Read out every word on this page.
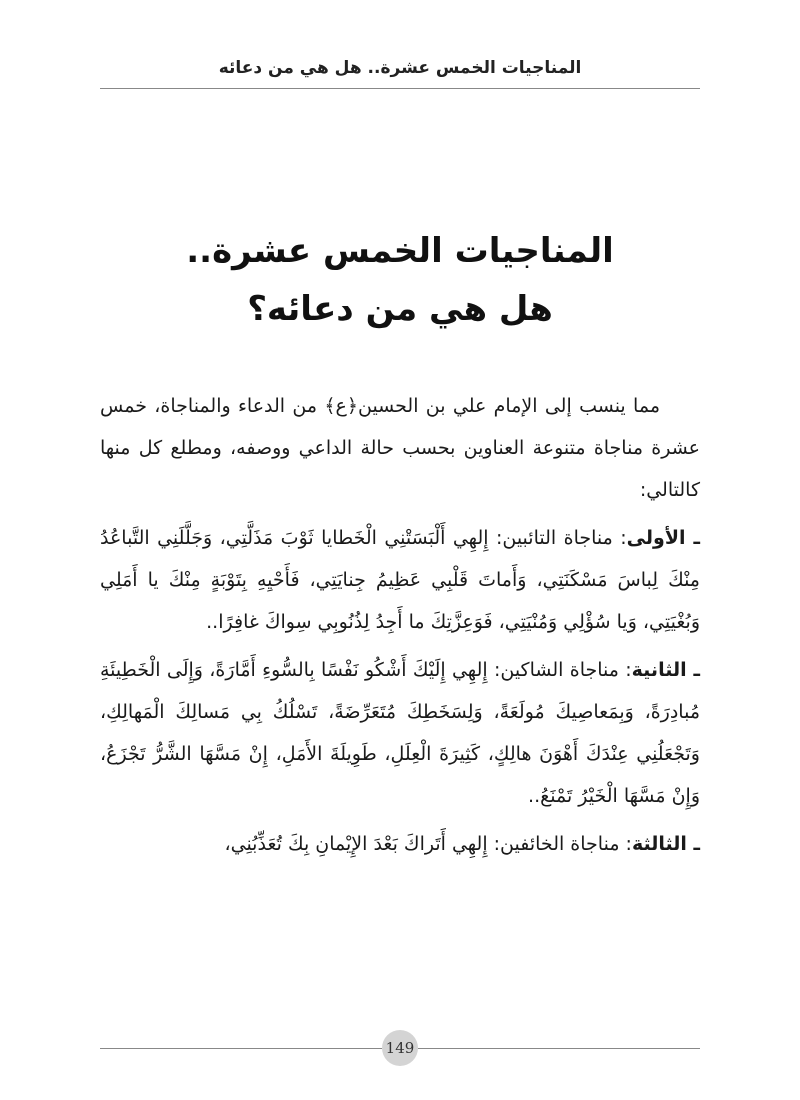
المناجيات الخمس عشرة.. هل هي من دعائه
المناجيات الخمس عشرة..
هل هي من دعائه؟

مما ينسب إلى الإمام علي بن الحسين﴿ع﴾ من الدعاء والمناجاة، خمس عشرة مناجاة متنوعة العناوين بحسب حالة الداعي ووصفه، ومطلع كل منها كالتالي:

ـ الأولى: مناجاة التائبين: إِلهِي أَلْبَسَتْنِي الْخَطايا ثَوْبَ مَذَلَّتِي، وَجَلَّلَنِي التَّباعُدُ مِنْكَ لِباسَ مَسْكَنَتِي، وَأَماتَ قَلْبِي عَظِيمُ جِنايَتِي، فَأَحْيِهِ بِتَوْبَةٍ مِنْكَ يا أَمَلِي وَبُغْيَتِي، وَيا سُؤْلِي وَمُنْيَتِي، فَوَعِزَّتِكَ ما أَجِدُ لِذُنُوبِي سِواكَ غافِرًا..

ـ الثانية: مناجاة الشاكين: إِلهِي إِلَيْكَ أَشْكُو نَفْسًا بِالسُّوءِ أَمَّارَةً، وَإِلَى الْخَطِيئَةِ مُبادِرَةً، وَبِمَعاصِيكَ مُولَعَةً، وَلِسَخَطِكَ مُتَعَرِّضَةً، تَسْلُكُ بِي مَسالِكَ الْمَهالِكِ، وَتَجْعَلُنِي عِنْدَكَ أَهْوَنَ هالِكٍ، كَثِيرَةَ الْعِلَلِ، طَوِيلَةَ الأَمَلِ، إِنْ مَسَّهَا الشَّرُّ تَجْزَعُ، وَإِنْ مَسَّهَا الْخَيْرُ تَمْنَعُ..

ـ الثالثة: مناجاة الخائفين: إِلهِي أَتَراكَ بَعْدَ الإِيْمانِ بِكَ تُعَذِّبُنِي،

149
